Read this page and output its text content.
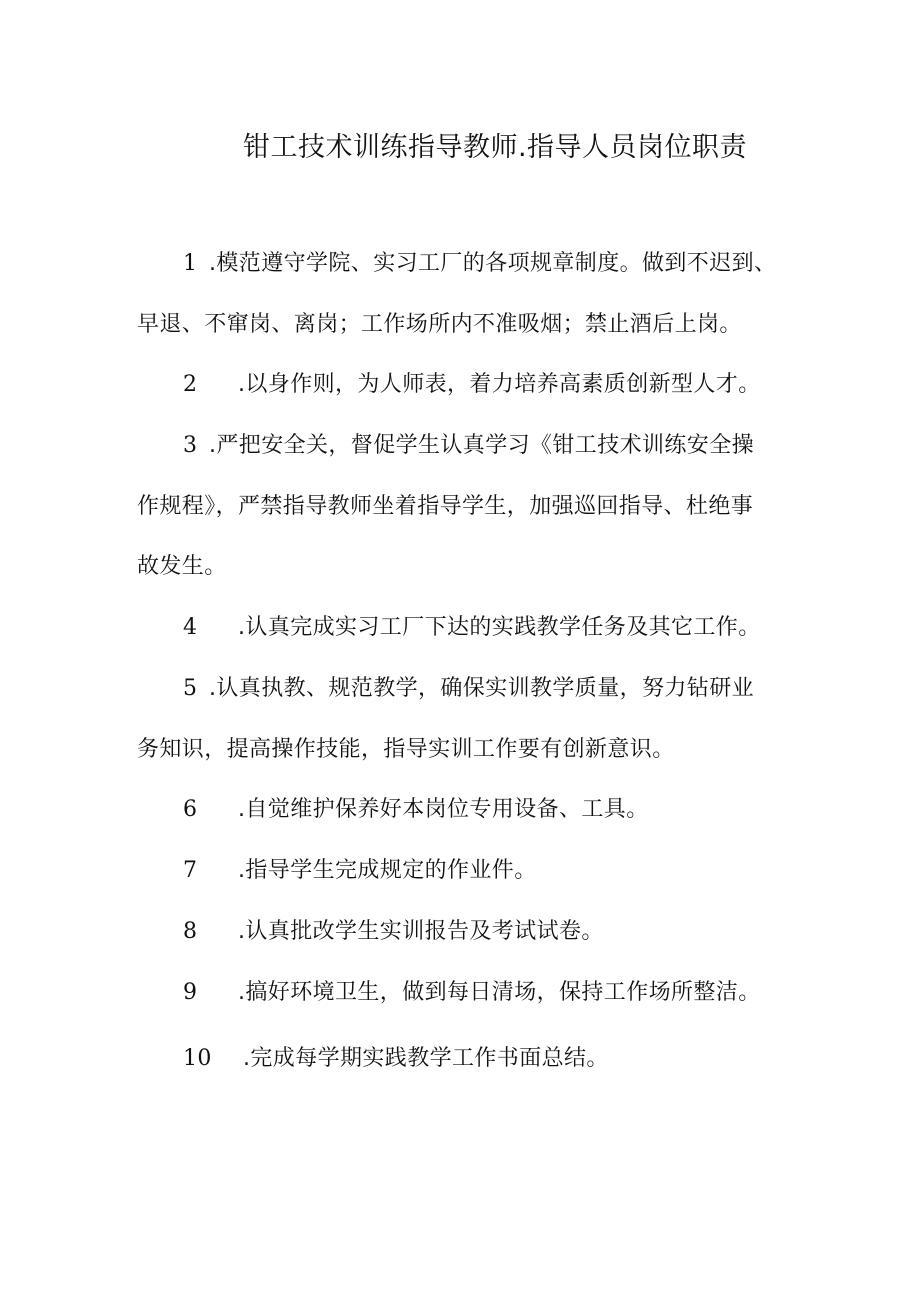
钳工技术训练指导教师.指导人员岗位职责
1 .模范遵守学院、实习工厂的各项规章制度。做到不迟到、
早退、不窜岗、离岗；工作场所内不准吸烟；禁止酒后上岗。
2 .以身作则，为人师表，着力培养高素质创新型人才。
3 .严把安全关，督促学生认真学习《钳工技术训练安全操
作规程》，严禁指导教师坐着指导学生，加强巡回指导、杜绝事
故发生。
4 .认真完成实习工厂下达的实践教学任务及其它工作。
5 .认真执教、规范教学，确保实训教学质量，努力钻研业
务知识，提高操作技能，指导实训工作要有创新意识。
6 .自觉维护保养好本岗位专用设备、工具。
7 .指导学生完成规定的作业件。
8 .认真批改学生实训报告及考试试卷。
9 .搞好环境卫生，做到每日清场，保持工作场所整洁。
10 .完成每学期实践教学工作书面总结。
